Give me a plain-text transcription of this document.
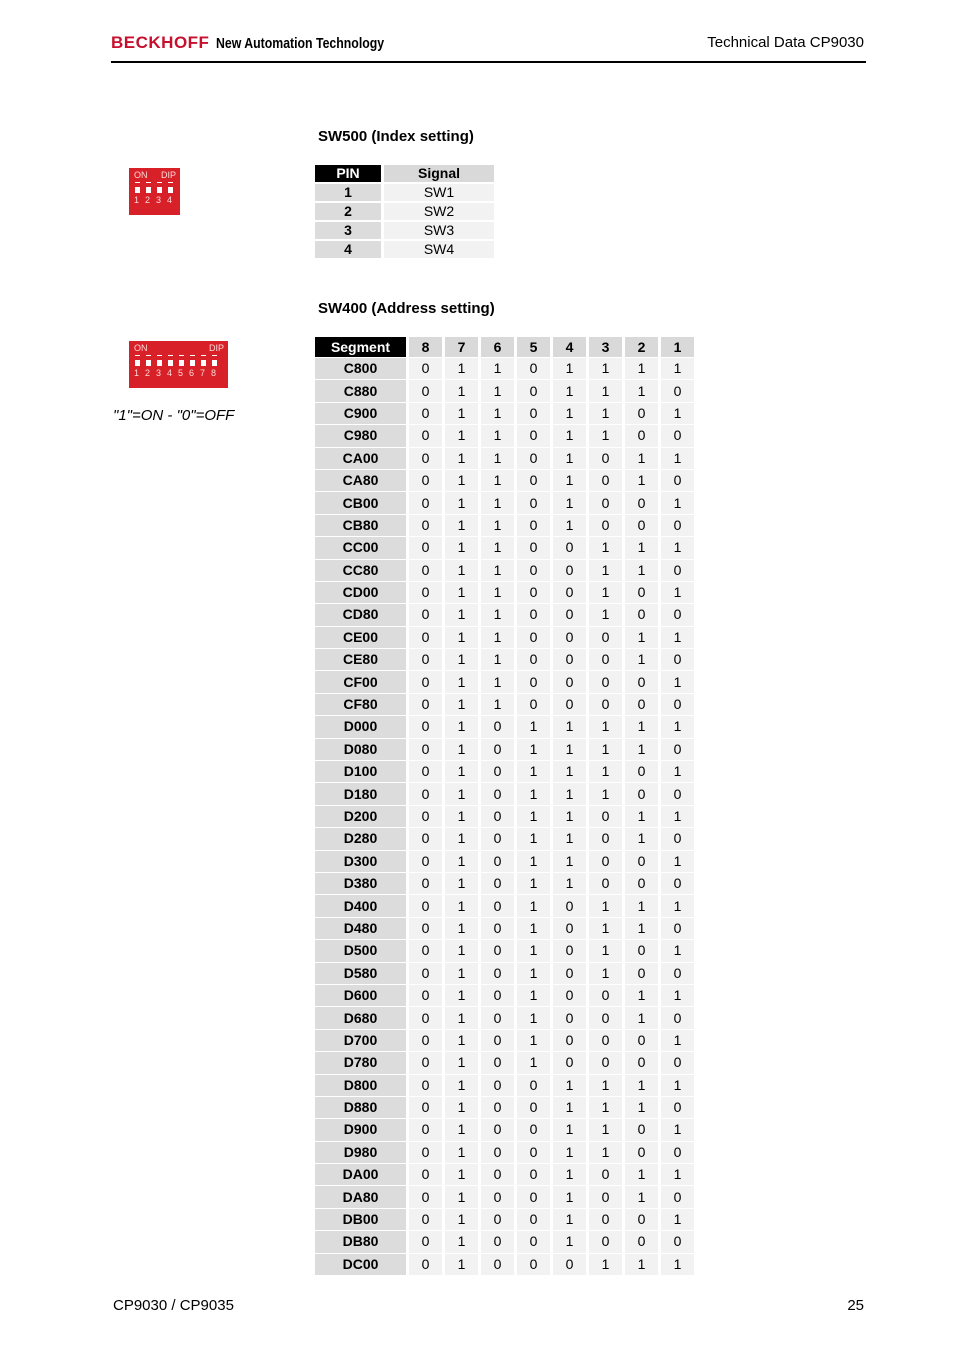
BECKHOFF New Automation Technology	Technical Data CP9030
SW500 (Index setting)
ON DIP
1 2 3 4
PIN	Signal
1	SW1
2	SW2
3	SW3
4	SW4
SW400 (Address setting)
ON	DIP
1 2 3 4 5 6 7 8
"1"=ON - "0"=OFF
Segment	8	7	6	5	4	3	2	1
C800	0	1	1	0	1	1	1	1
C880	0	1	1	0	1	1	1	0
C900	0	1	1	0	1	1	0	1
C980	0	1	1	0	1	1	0	0
CA00	0	1	1	0	1	0	1	1
CA80	0	1	1	0	1	0	1	0
CB00	0	1	1	0	1	0	0	1
CB80	0	1	1	0	1	0	0	0
CC00	0	1	1	0	0	1	1	1
CC80	0	1	1	0	0	1	1	0
CD00	0	1	1	0	0	1	0	1
CD80	0	1	1	0	0	1	0	0
CE00	0	1	1	0	0	0	1	1
CE80	0	1	1	0	0	0	1	0
CF00	0	1	1	0	0	0	0	1
CF80	0	1	1	0	0	0	0	0
D000	0	1	0	1	1	1	1	1
D080	0	1	0	1	1	1	1	0
D100	0	1	0	1	1	1	0	1
D180	0	1	0	1	1	1	0	0
D200	0	1	0	1	1	0	1	1
D280	0	1	0	1	1	0	1	0
D300	0	1	0	1	1	0	0	1
D380	0	1	0	1	1	0	0	0
D400	0	1	0	1	0	1	1	1
D480	0	1	0	1	0	1	1	0
D500	0	1	0	1	0	1	0	1
D580	0	1	0	1	0	1	0	0
D600	0	1	0	1	0	0	1	1
D680	0	1	0	1	0	0	1	0
D700	0	1	0	1	0	0	0	1
D780	0	1	0	1	0	0	0	0
D800	0	1	0	0	1	1	1	1
D880	0	1	0	0	1	1	1	0
D900	0	1	0	0	1	1	0	1
D980	0	1	0	0	1	1	0	0
DA00	0	1	0	0	1	0	1	1
DA80	0	1	0	0	1	0	1	0
DB00	0	1	0	0	1	0	0	1
DB80	0	1	0	0	1	0	0	0
DC00	0	1	0	0	0	1	1	1
CP9030 / CP9035	25
